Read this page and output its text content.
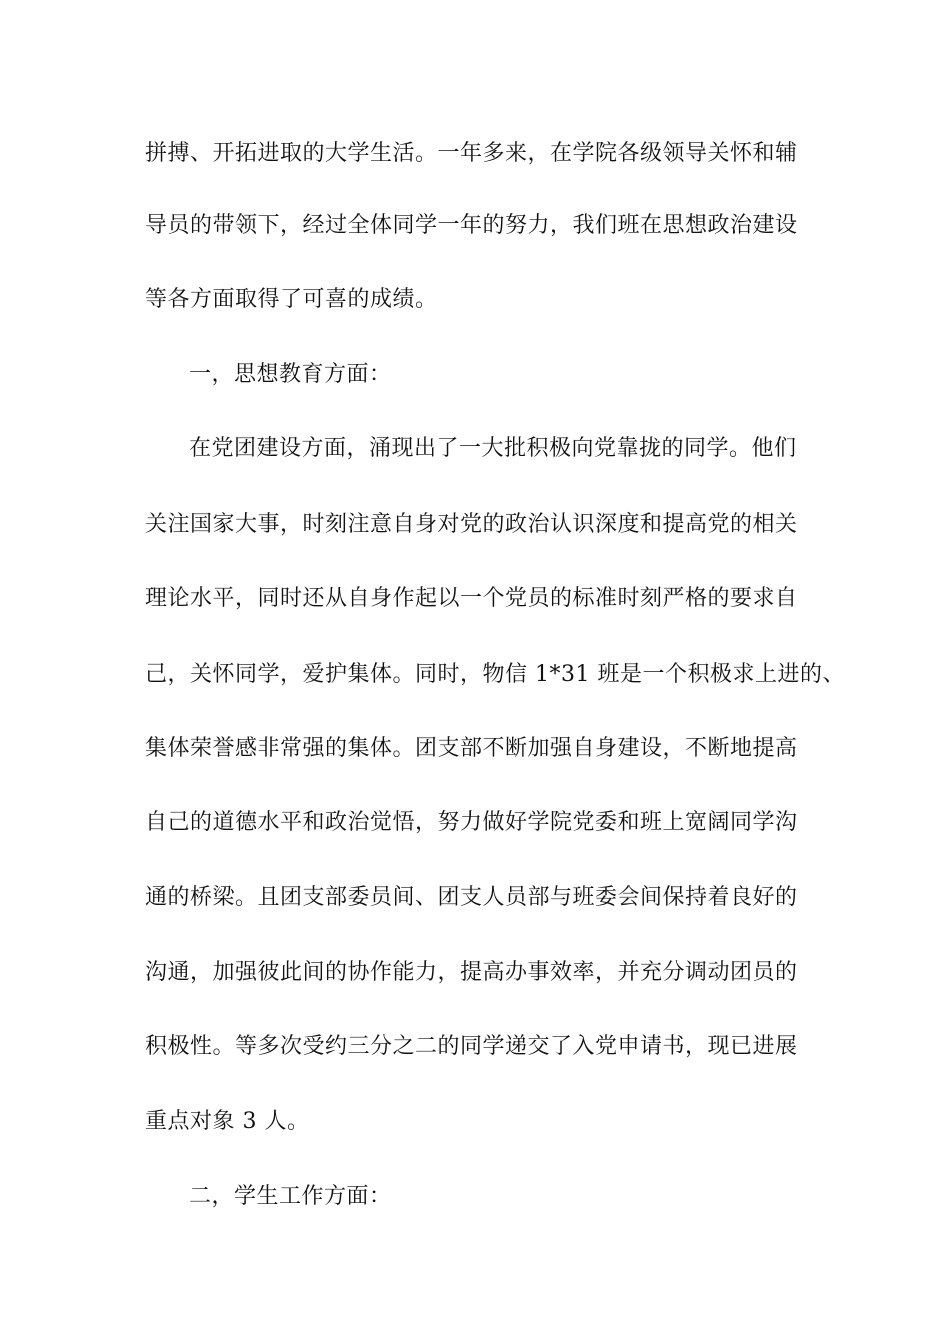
拼搏、开拓进取的大学生活。一年多来，在学院各级领导关怀和辅
导员的带领下，经过全体同学一年的努力，我们班在思想政治建设
等各方面取得了可喜的成绩。
一，思想教育方面：
在党团建设方面，涌现出了一大批积极向党靠拢的同学。他们
关注国家大事，时刻注意自身对党的政治认识深度和提高党的相关
理论水平，同时还从自身作起以一个党员的标准时刻严格的要求自
己，关怀同学，爱护集体。同时，物信 1*31 班是一个积极求上进的、
集体荣誉感非常强的集体。团支部不断加强自身建设，不断地提高
自己的道德水平和政治觉悟，努力做好学院党委和班上宽阔同学沟
通的桥梁。且团支部委员间、团支人员部与班委会间保持着良好的
沟通，加强彼此间的协作能力，提高办事效率，并充分调动团员的
积极性。等多次受约三分之二的同学递交了入党申请书，现已进展
重点对象 3 人。
二，学生工作方面：
